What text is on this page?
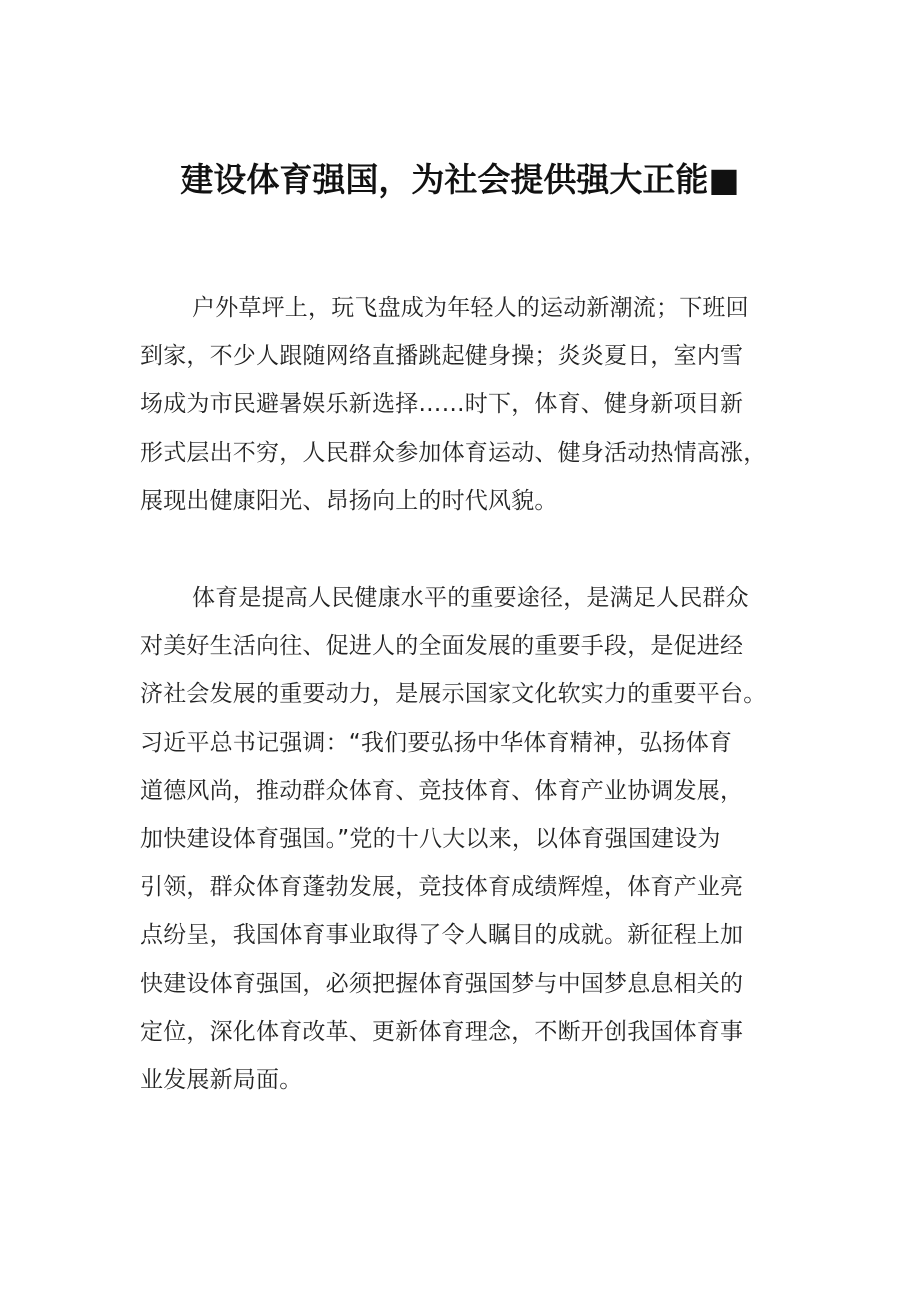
建设体育强国，为社会提供强大正能■
户外草坪上，玩飞盘成为年轻人的运动新潮流；下班回
到家，不少人跟随网络直播跳起健身操；炎炎夏日，室内雪
场成为市民避暑娱乐新选择……时下，体育、健身新项目新
形式层出不穷，人民群众参加体育运动、健身活动热情高涨，
展现出健康阳光、昂扬向上的时代风貌。
体育是提高人民健康水平的重要途径，是满足人民群众
对美好生活向往、促进人的全面发展的重要手段，是促进经
济社会发展的重要动力，是展示国家文化软实力的重要平台。
习近平总书记强调：“我们要弘扬中华体育精神，弘扬体育
道德风尚，推动群众体育、竞技体育、体育产业协调发展，
加快建设体育强国。”党的十八大以来，以体育强国建设为
引领，群众体育蓬勃发展，竞技体育成绩辉煌，体育产业亮
点纷呈，我国体育事业取得了令人瞩目的成就。新征程上加
快建设体育强国，必须把握体育强国梦与中国梦息息相关的
定位，深化体育改革、更新体育理念，不断开创我国体育事
业发展新局面。
